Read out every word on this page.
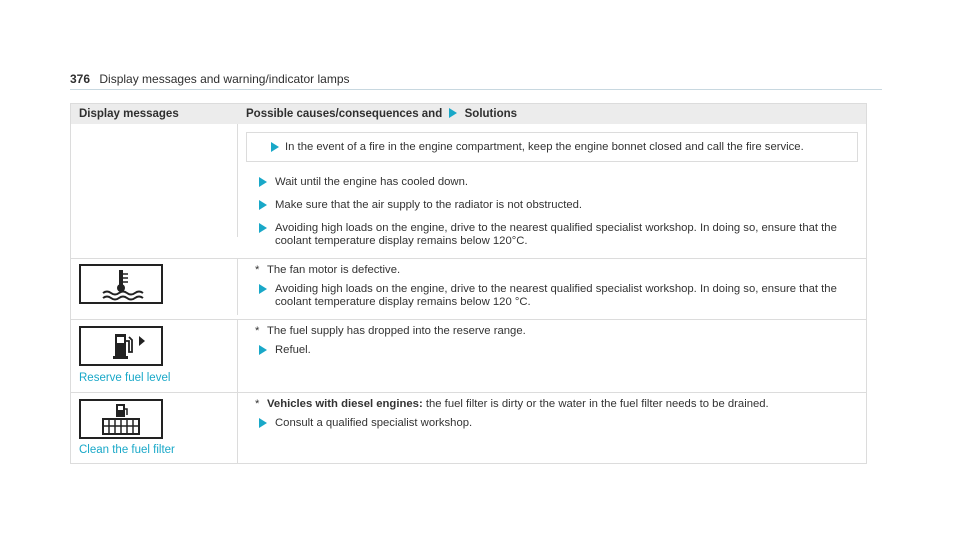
376 Display messages and warning/indicator lamps
Display messages	Possible causes/consequences and Solutions
In the event of a fire in the engine compartment, keep the engine bonnet closed and call the fire service.
Wait until the engine has cooled down.
Make sure that the air supply to the radiator is not obstructed.
Avoiding high loads on the engine, drive to the nearest qualified specialist workshop. In doing so, ensure that the coolant temperature display remains below 120°C.
* The fan motor is defective.
Avoiding high loads on the engine, drive to the nearest qualified specialist workshop. In doing so, ensure that the coolant temperature display remains below 120 °C.
Reserve fuel level
* The fuel supply has dropped into the reserve range.
Refuel.
Clean the fuel filter
* Vehicles with diesel engines: the fuel filter is dirty or the water in the fuel filter needs to be drained.
Consult a qualified specialist workshop.
